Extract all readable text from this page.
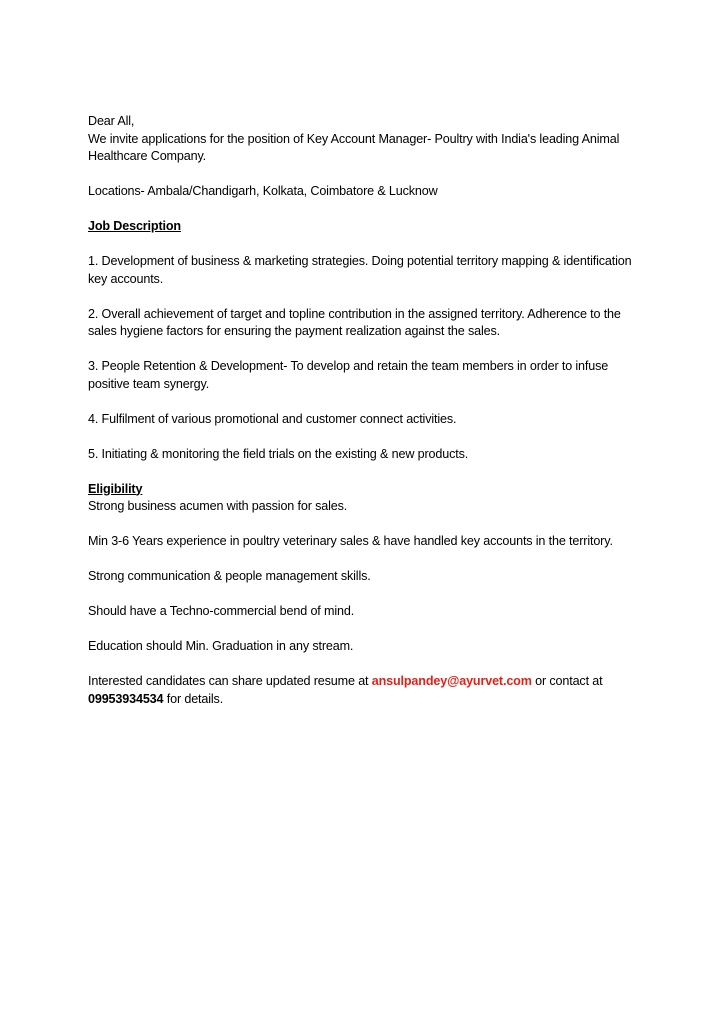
Dear All,

We invite applications for the position of Key Account Manager- Poultry with India's leading Animal Healthcare Company.

Locations- Ambala/Chandigarh, Kolkata, Coimbatore & Lucknow

Job Description

1. Development of business & marketing strategies. Doing potential territory mapping & identification key accounts.

2. Overall achievement of target and topline contribution in the assigned territory. Adherence to the sales hygiene factors for ensuring the payment realization against the sales.

3. People Retention & Development- To develop and retain the team members in order to infuse positive team synergy.

4. Fulfilment of various promotional and customer connect activities.

5. Initiating & monitoring the field trials on the existing & new products.

Eligibility

Strong business acumen with passion for sales.

Min 3-6 Years experience in poultry veterinary sales & have handled key accounts in the territory.

Strong communication & people management skills.

Should have a Techno-commercial bend of mind.

Education should Min. Graduation in any stream.

Interested candidates can share updated resume at ansulpandey@ayurvet.com or contact at 09953934534 for details.
